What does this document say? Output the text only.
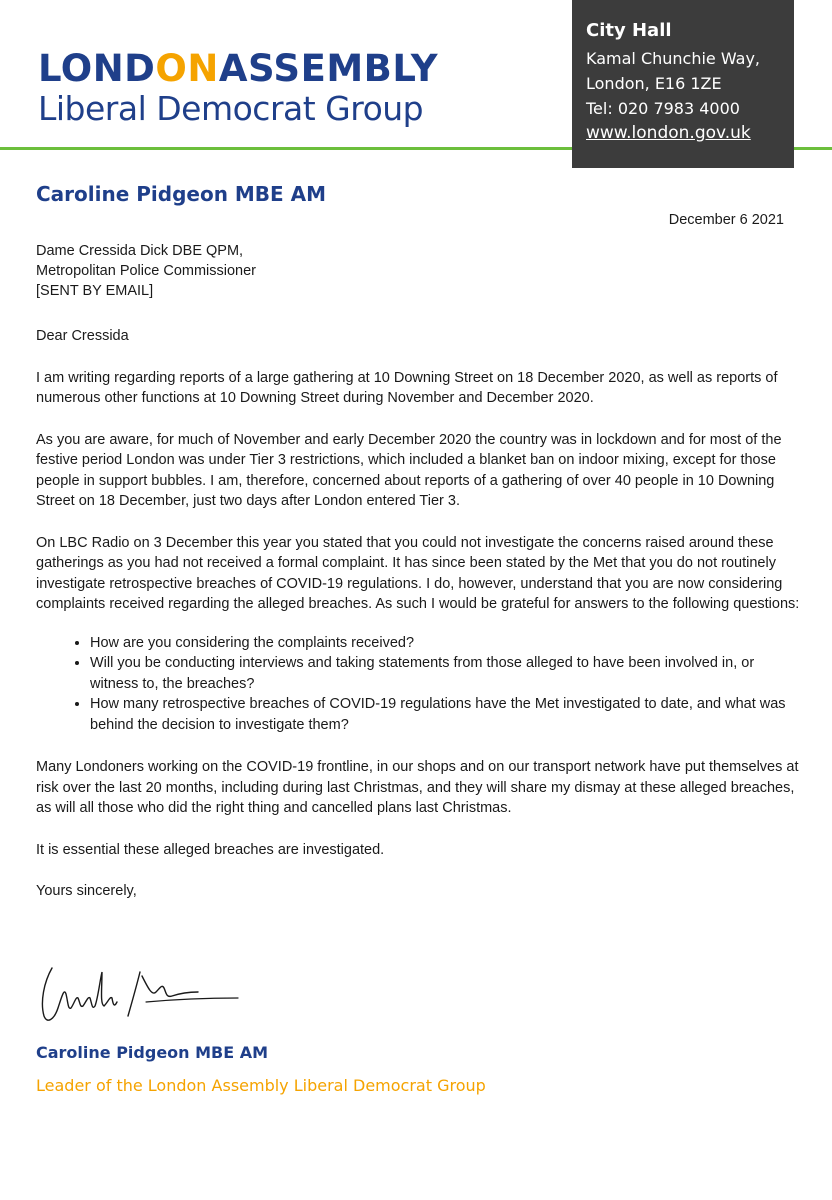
LONDONASSEMBLY
Liberal Democrat Group
City Hall
Kamal Chunchie Way,
London, E16 1ZE
Tel: 020 7983 4000
www.london.gov.uk
Caroline Pidgeon MBE AM
December 6 2021
Dame Cressida Dick DBE QPM,
Metropolitan Police Commissioner
[SENT BY EMAIL]

Dear Cressida

I am writing regarding reports of a large gathering at 10 Downing Street on 18 December 2020, as well as reports of numerous other functions at 10 Downing Street during November and December 2020.

As you are aware, for much of November and early December 2020 the country was in lockdown and for most of the festive period London was under Tier 3 restrictions, which included a blanket ban on indoor mixing, except for those people in support bubbles. I am, therefore, concerned about reports of a gathering of over 40 people in 10 Downing Street on 18 December, just two days after London entered Tier 3.

On LBC Radio on 3 December this year you stated that you could not investigate the concerns raised around these gatherings as you had not received a formal complaint. It has since been stated by the Met that you do not routinely investigate retrospective breaches of COVID-19 regulations. I do, however, understand that you are now considering complaints received regarding the alleged breaches. As such I would be grateful for answers to the following questions:

• How are you considering the complaints received?
• Will you be conducting interviews and taking statements from those alleged to have been involved in, or witness to, the breaches?
• How many retrospective breaches of COVID-19 regulations have the Met investigated to date, and what was behind the decision to investigate them?

Many Londoners working on the COVID-19 frontline, in our shops and on our transport network have put themselves at risk over the last 20 months, including during last Christmas, and they will share my dismay at these alleged breaches, as will all those who did the right thing and cancelled plans last Christmas.

It is essential these alleged breaches are investigated.

Yours sincerely,

Caroline Pidgeon MBE AM
Leader of the London Assembly Liberal Democrat Group
